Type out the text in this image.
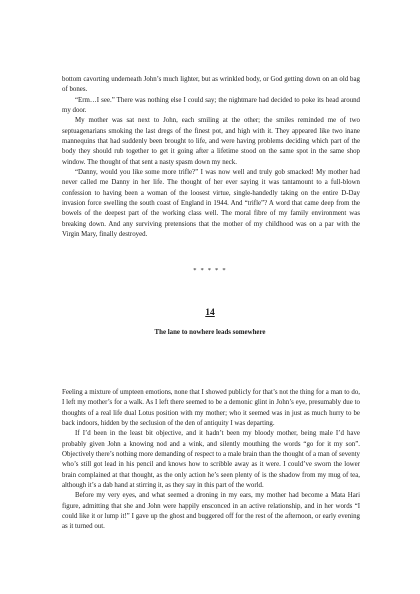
bottom cavorting underneath John’s much lighter, but as wrinkled body, or God getting down on an old bag of bones.

“Erm…I see.” There was nothing else I could say; the nightmare had decided to poke its head around my door.

My mother was sat next to John, each smiling at the other; the smiles reminded me of two septuagenarians smoking the last dregs of the finest pot, and high with it. They appeared like two inane mannequins that had suddenly been brought to life, and were having problems deciding which part of the body they should rub together to get it going after a lifetime stood on the same spot in the same shop window. The thought of that sent a nasty spasm down my neck.

“Danny, would you like some more trifle?” I was now well and truly gob smacked! My mother had never called me Danny in her life. The thought of her ever saying it was tantamount to a full-blown confession to having been a woman of the loosest virtue, single-handedly taking on the entire D-Day invasion force swelling the south coast of England in 1944. And “trifle”? A word that came deep from the bowels of the deepest part of the working class well. The moral fibre of my family environment was breaking down. And any surviving pretensions that the mother of my childhood was on a par with the Virgin Mary, finally destroyed.

* * * * *
14
The lane to nowhere leads somewhere

Feeling a mixture of umpteen emotions, none that I showed publicly for that’s not the thing for a man to do, I left my mother’s for a walk. As I left there seemed to be a demonic glint in John’s eye, presumably due to thoughts of a real life dual Lotus position with my mother; who it seemed was in just as much hurry to be back indoors, hidden by the seclusion of the den of antiquity I was departing.

If I’d been in the least bit objective, and it hadn’t been my bloody mother, being male I’d have probably given John a knowing nod and a wink, and silently mouthing the words “go for it my son”. Objectively there’s nothing more demanding of respect to a male brain than the thought of a man of seventy who’s still got lead in his pencil and knows how to scribble away as it were. I could’ve sworn the lower brain complained at that thought, as the only action he’s seen plenty of is the shadow from my mug of tea, although it’s a dab hand at stirring it, as they say in this part of the world.

Before my very eyes, and what seemed a droning in my ears, my mother had become a Mata Hari figure, admitting that she and John were happily ensconced in an active relationship, and in her words “I could like it or lump it!” I gave up the ghost and buggered off for the rest of the afternoon, or early evening as it turned out.
